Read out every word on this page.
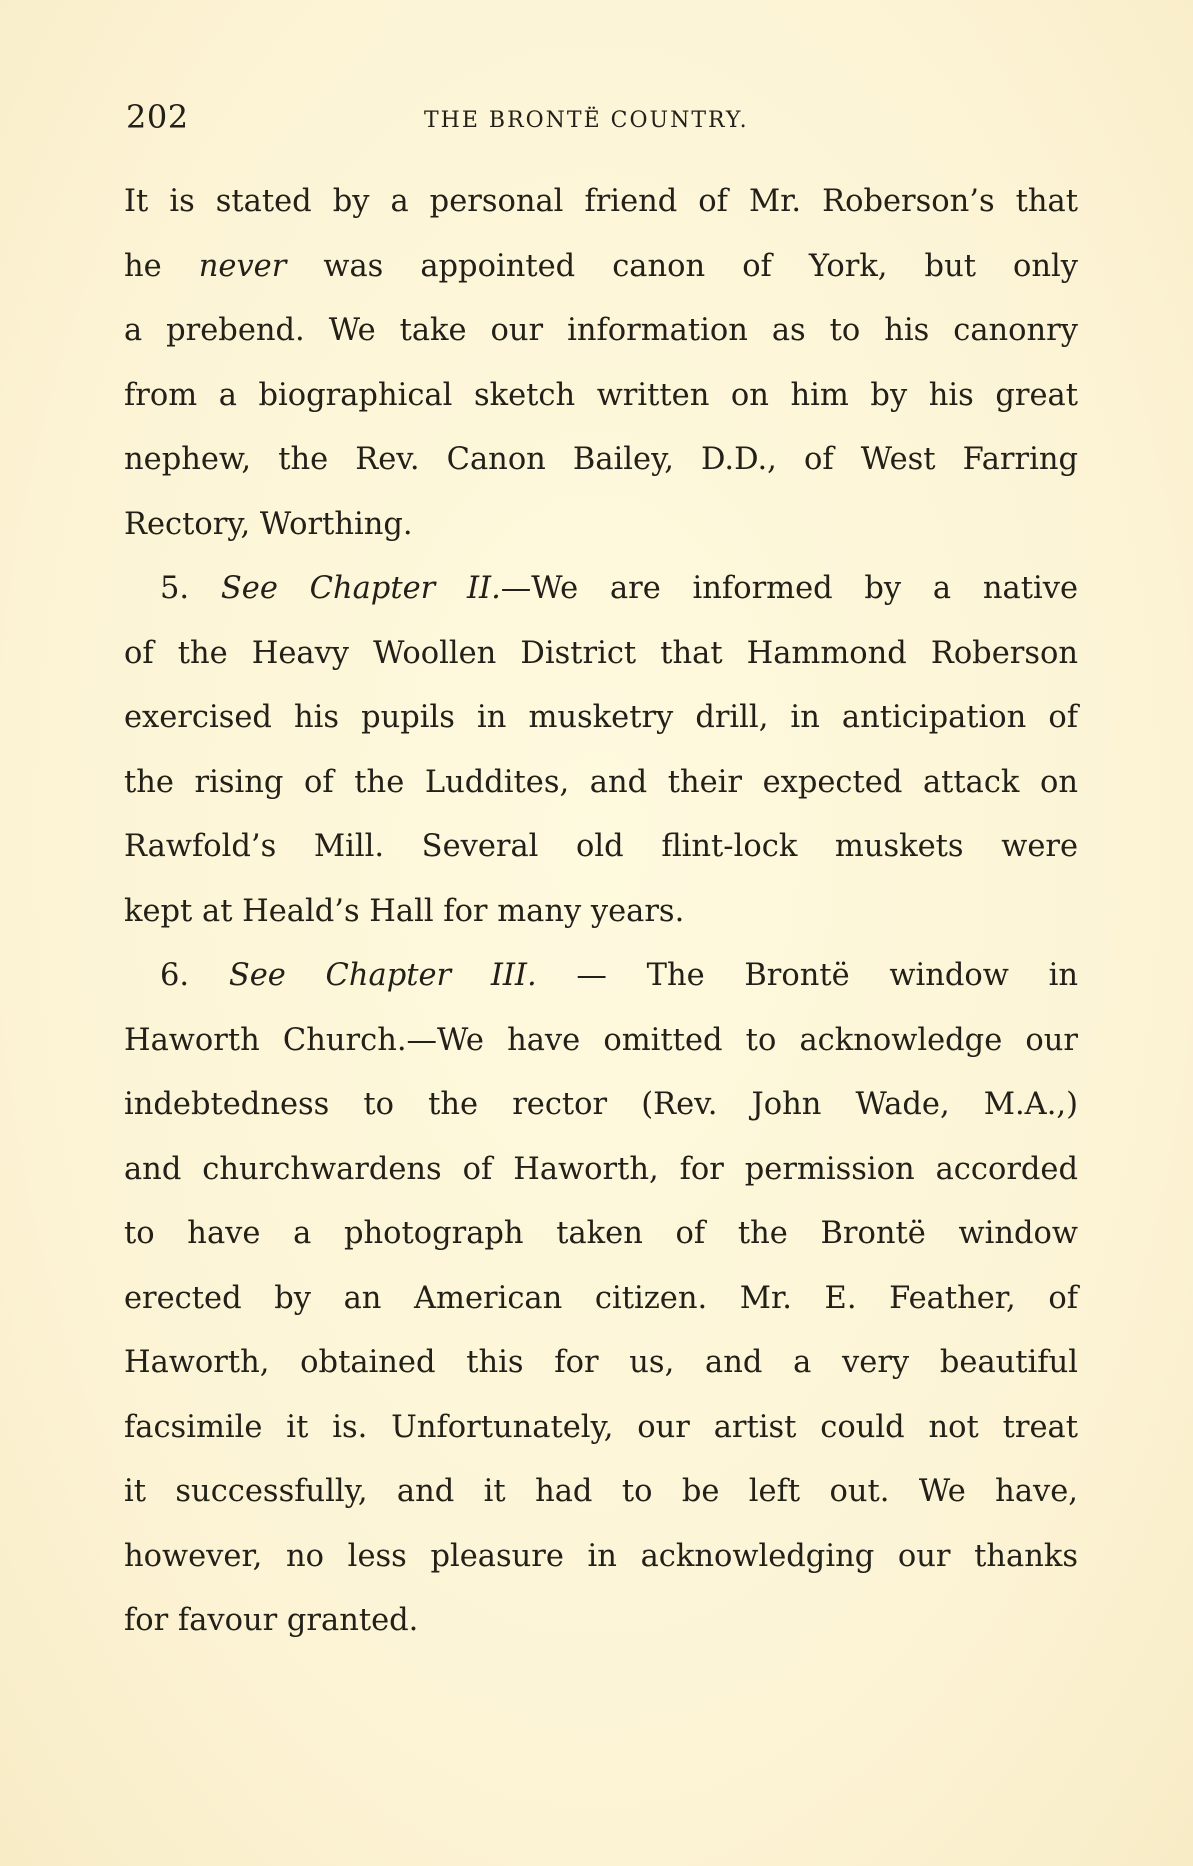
202	THE BRONTË COUNTRY.
It is stated by a personal friend of Mr. Roberson’s that
he never was appointed canon of York, but only
a prebend. We take our information as to his canonry
from a biographical sketch written on him by his great
nephew, the Rev. Canon Bailey, D.D., of West Farring
Rectory, Worthing.
5. See Chapter II.—We are informed by a native
of the Heavy Woollen District that Hammond Roberson
exercised his pupils in musketry drill, in anticipation of
the rising of the Luddites, and their expected attack on
Rawfold’s Mill. Several old flint-lock muskets were
kept at Heald’s Hall for many years.
6. See Chapter III. — The Brontë window in
Haworth Church.—We have omitted to acknowledge our
indebtedness to the rector (Rev. John Wade, M.A.,)
and churchwardens of Haworth, for permission accorded
to have a photograph taken of the Brontë window
erected by an American citizen. Mr. E. Feather, of
Haworth, obtained this for us, and a very beautiful
facsimile it is. Unfortunately, our artist could not treat
it successfully, and it had to be left out. We have,
however, no less pleasure in acknowledging our thanks
for favour granted.
